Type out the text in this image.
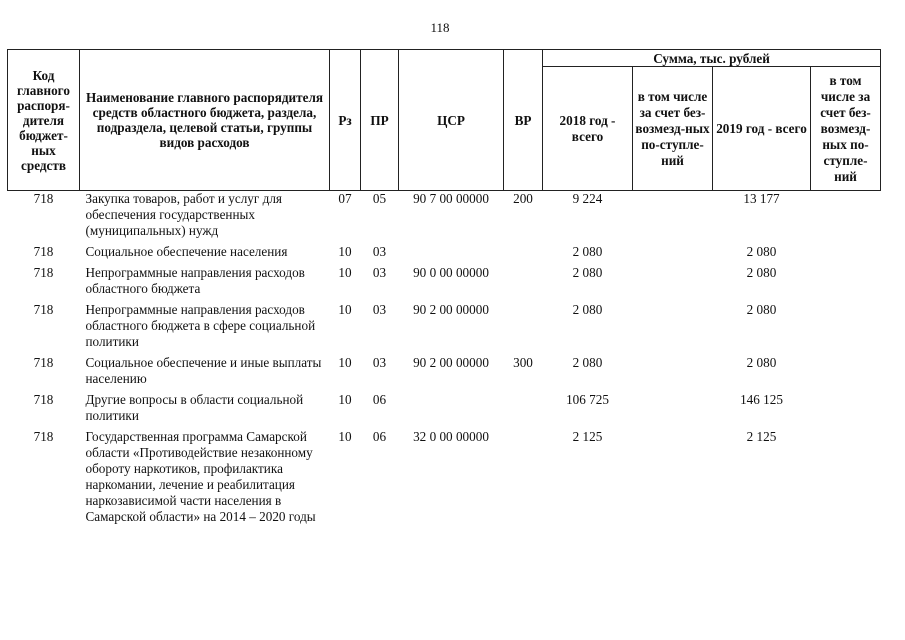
118
Код главного распоря-дителя бюджет-ных средств	Наименование главного распорядителя средств областного бюджета, раздела, подраздела, целевой статьи, группы видов расходов	Рз	ПР	ЦСР	ВР	Сумма, тыс. рублей			
						2018 год - всего	в том числе за счет без-возмезд-ных по-ступле-ний	2019 год - всего	в том числе за счет без-возмезд-ных по-ступле-ний
718	Закупка товаров, работ и услуг для обеспечения государственных (муниципальных) нужд	07	05	90 7 00 00000	200	9 224		13 177	
718	Социальное обеспечение населения	10	03			2 080		2 080	
718	Непрограммные направления расходов областного бюджета	10	03	90 0 00 00000		2 080		2 080	
718	Непрограммные направления расходов областного бюджета в сфере социальной политики	10	03	90 2 00 00000		2 080		2 080	
718	Социальное обеспечение и иные выплаты населению	10	03	90 2 00 00000	300	2 080		2 080	
718	Другие вопросы в области социальной политики	10	06			106 725		146 125	
718	Государственная программа Самарской области «Противодействие незаконному обороту наркотиков, профилактика наркомании, лечение и реабилитация наркозависимой части населения в Самарской области» на 2014 – 2020 годы	10	06	32 0 00 00000		2 125		2 125	
